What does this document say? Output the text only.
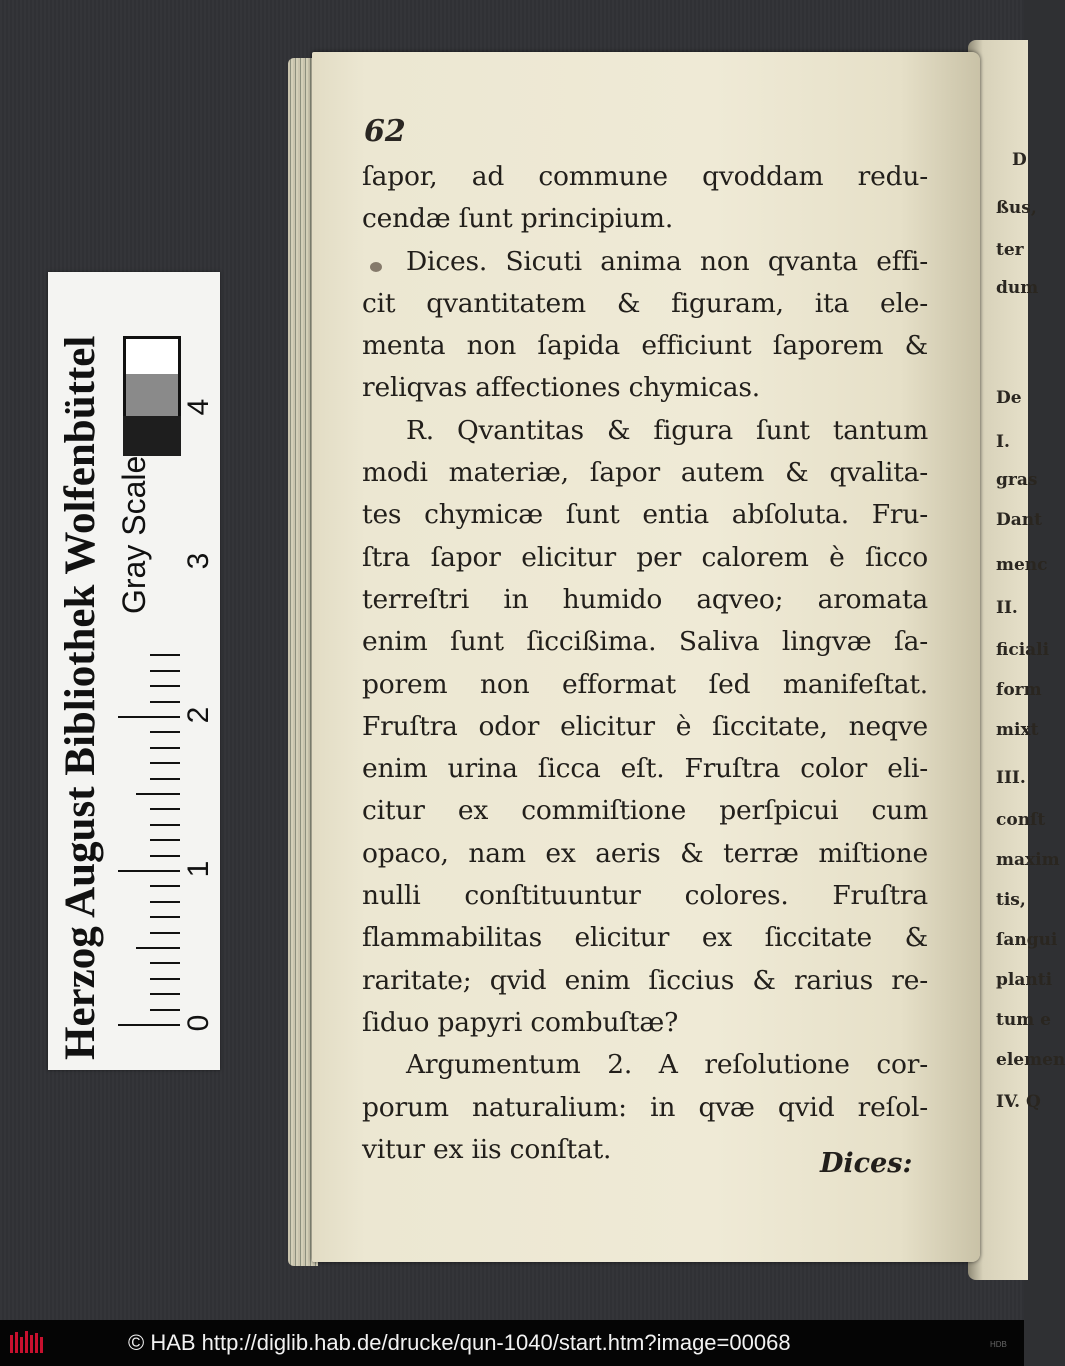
D
ßus,
ter
dum
De
I.
gras
Dant
menc
II.
ficiali
form
mixt
III.
conſt
maxim
tis,
ſangui
planti
tum e
elemen
IV. Q
62
ſapor, ad commune qvoddam redu-
cendæ ſunt principium.
Dices. Sicuti anima non qvanta effi-
cit qvantitatem & figuram, ita ele-
menta non ſapida efficiunt ſaporem &
reliqvas affectiones chymicas.
R. Qvantitas & figura ſunt tantum
modi materiæ, ſapor autem & qvalita-
tes chymicæ ſunt entia abſoluta. Fru-
ſtra ſapor elicitur per calorem è ſicco
terreſtri in humido aqveo; aromata
enim ſunt ſiccißima. Saliva lingvæ ſa-
porem non efformat ſed manifeſtat.
Fruſtra odor elicitur è ſiccitate, neqve
enim urina ſicca eſt. Fruſtra color eli-
citur ex commiſtione perſpicui cum
opaco, nam ex aeris & terræ miſtione
nulli conſtituuntur colores. Fruſtra
flammabilitas elicitur ex ſiccitate &
raritate; qvid enim ſiccius & rarius re-
ſiduo papyri combuſtæ?
Argumentum 2. A reſolutione cor-
porum naturalium: in qvæ qvid reſol-
vitur ex iis conſtat.	Dices:
Herzog August Bibliothek Wolfenbüttel Gray Scale
0
1
2
3
4
© HAB http://diglib.hab.de/drucke/qun-1040/start.htm?image=00068	HDB
